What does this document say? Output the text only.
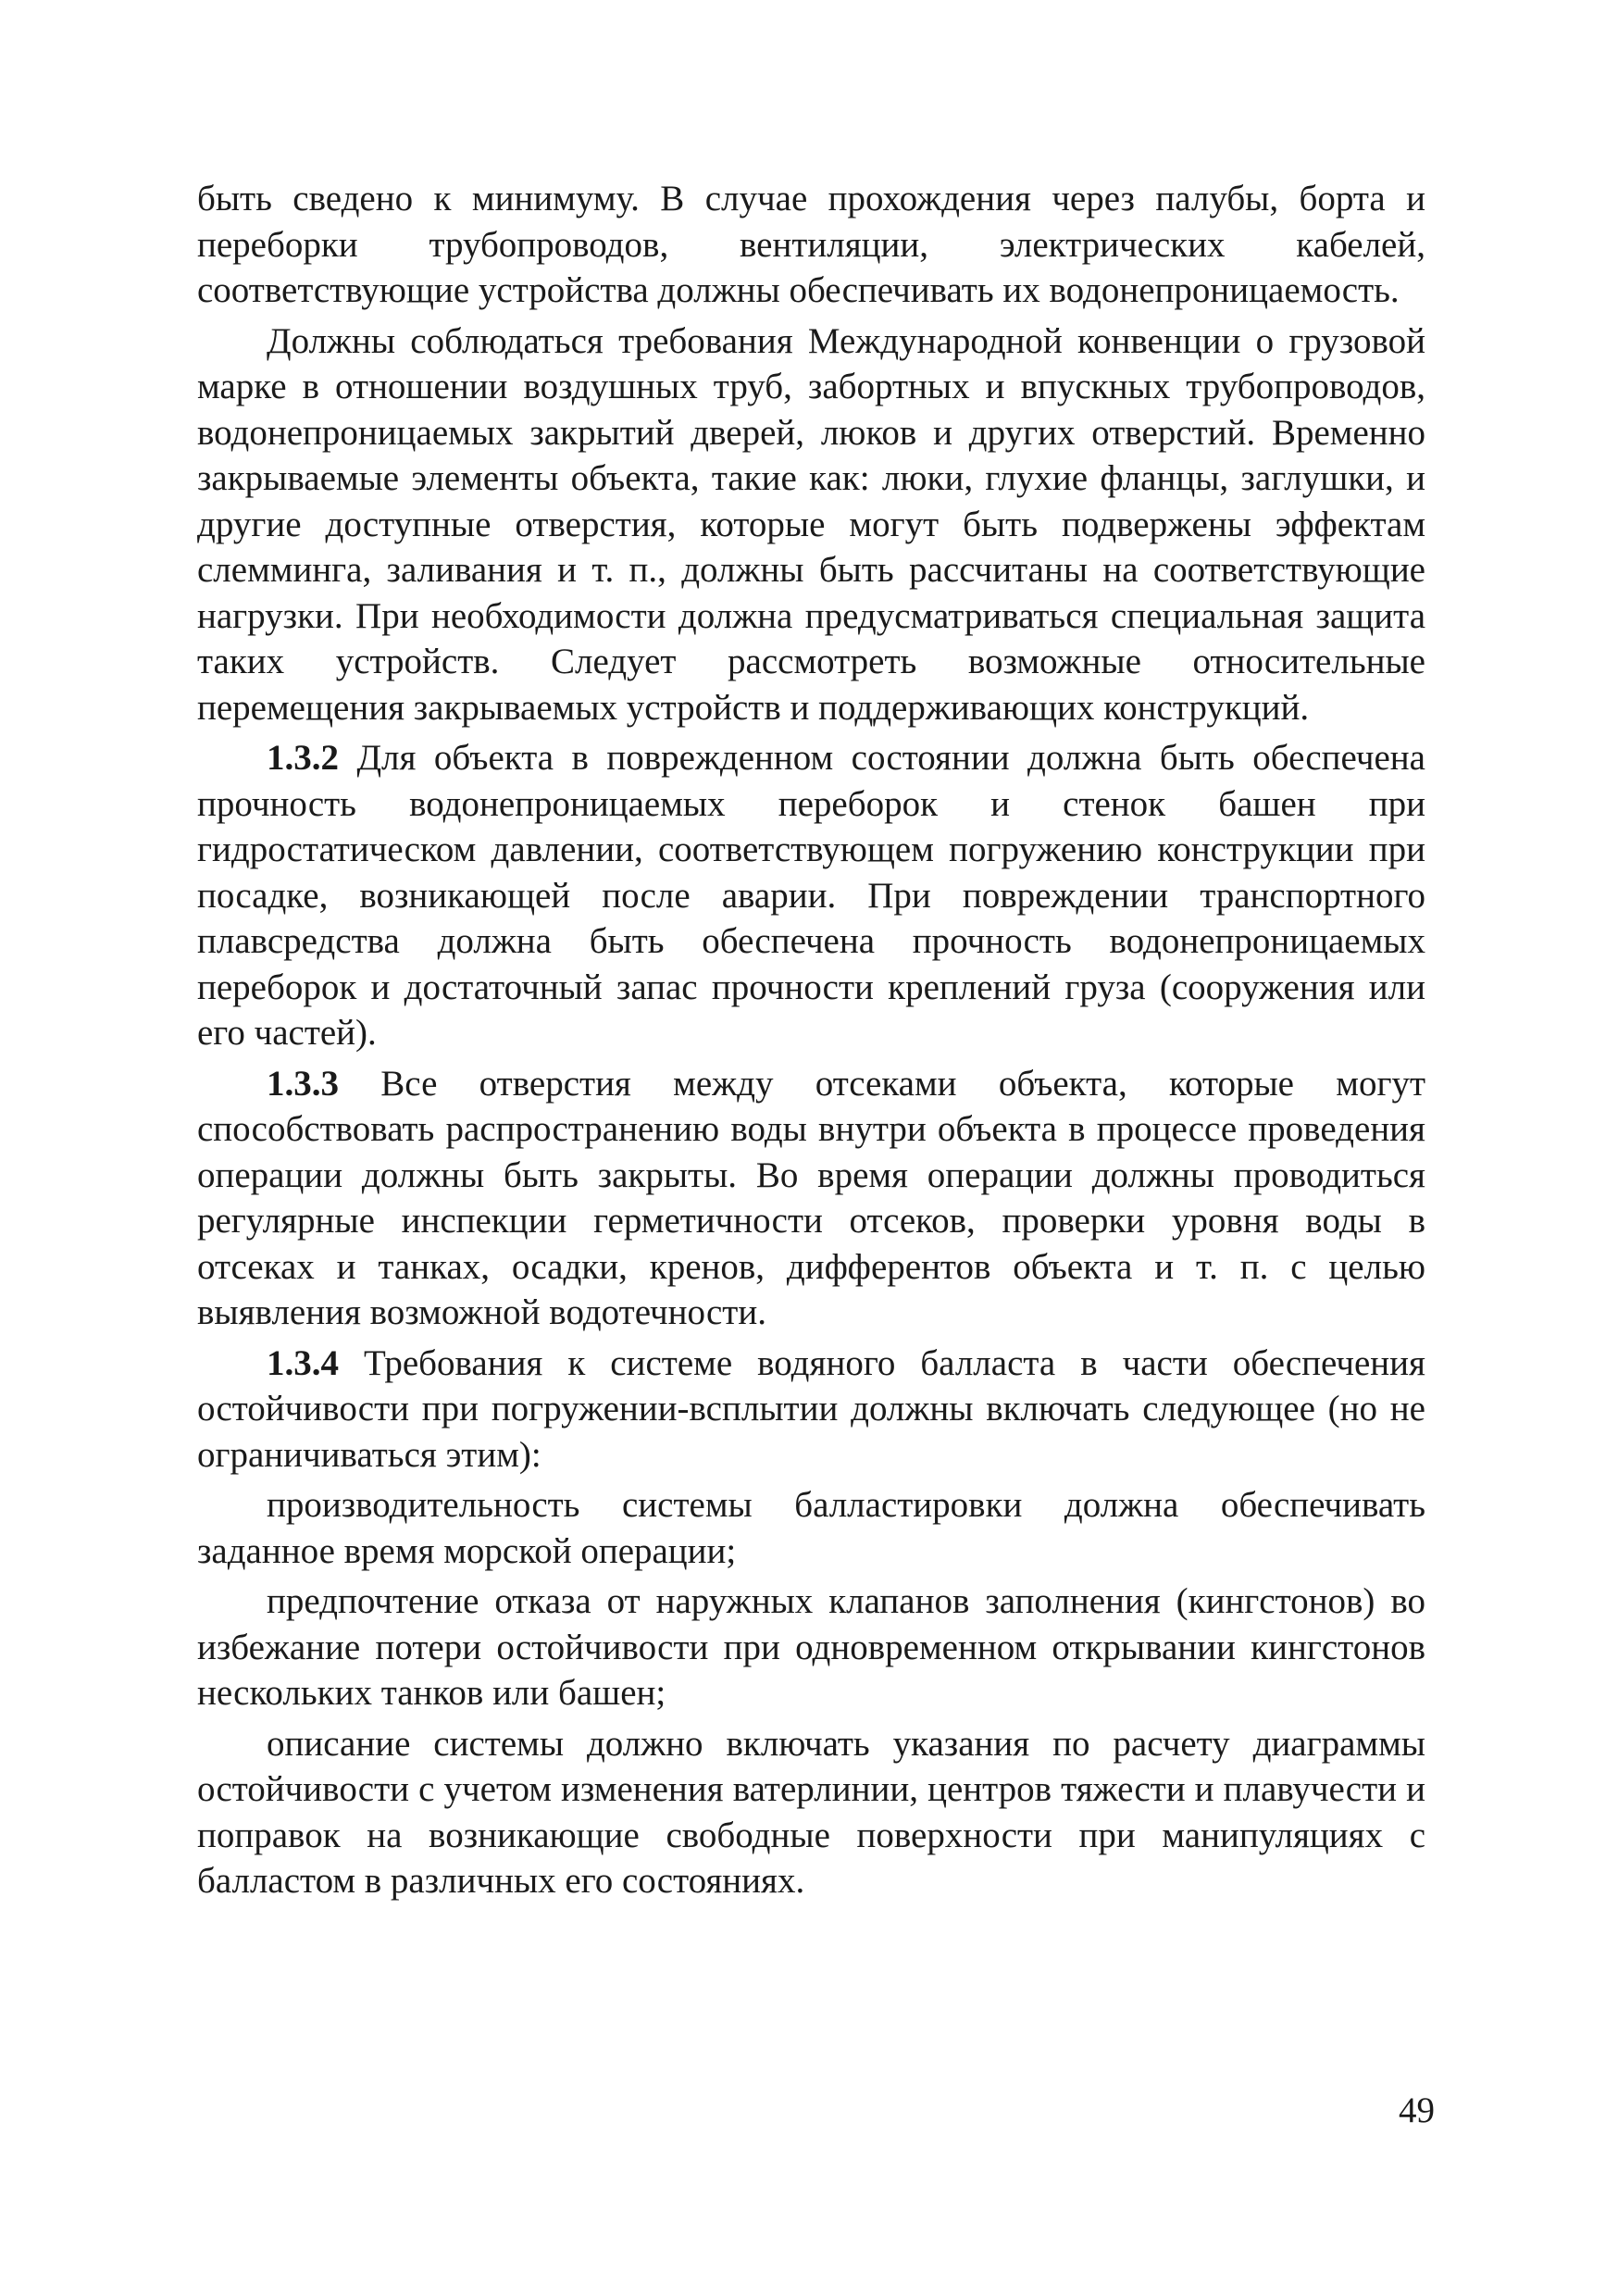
быть сведено к минимуму. В случае прохождения через палубы, борта и переборки трубопроводов, вентиляции, электрических кабелей, соответствующие устройства должны обеспечивать их водонепроницаемость.

Должны соблюдаться требования Международной конвенции о грузовой марке в отношении воздушных труб, забортных и впускных трубопроводов, водонепроницаемых закрытий дверей, люков и других отверстий. Временно закрываемые элементы объекта, такие как: люки, глухие фланцы, заглушки, и другие доступные отверстия, которые могут быть подвержены эффектам слемминга, заливания и т. п., должны быть рассчитаны на соответствующие нагрузки. При необходимости должна предусматриваться специальная защита таких устройств. Следует рассмотреть возможные относительные перемещения закрываемых устройств и поддерживающих конструкций.

1.3.2 Для объекта в поврежденном состоянии должна быть обеспечена прочность водонепроницаемых переборок и стенок башен при гидростатическом давлении, соответствующем погружению конструкции при посадке, возникающей после аварии. При повреждении транспортного плавсредства должна быть обеспечена прочность водонепроницаемых переборок и достаточный запас прочности креплений груза (сооружения или его частей).

1.3.3 Все отверстия между отсеками объекта, которые могут способствовать распространению воды внутри объекта в процессе проведения операции должны быть закрыты. Во время операции должны проводиться регулярные инспекции герметичности отсеков, проверки уровня воды в отсеках и танках, осадки, кренов, дифферентов объекта и т. п. с целью выявления возможной водотечности.

1.3.4 Требования к системе водяного балласта в части обеспечения остойчивости при погружении-всплытии должны включать следующее (но не ограничиваться этим):

производительность системы балластировки должна обеспечивать заданное время морской операции;

предпочтение отказа от наружных клапанов заполнения (кингстонов) во избежание потери остойчивости при одновременном открывании кингстонов нескольких танков или башен;

описание системы должно включать указания по расчету диаграммы остойчивости с учетом изменения ватерлинии, центров тяжести и плавучести и поправок на возникающие свободные поверхности при манипуляциях с балластом в различных его состояниях.

49
